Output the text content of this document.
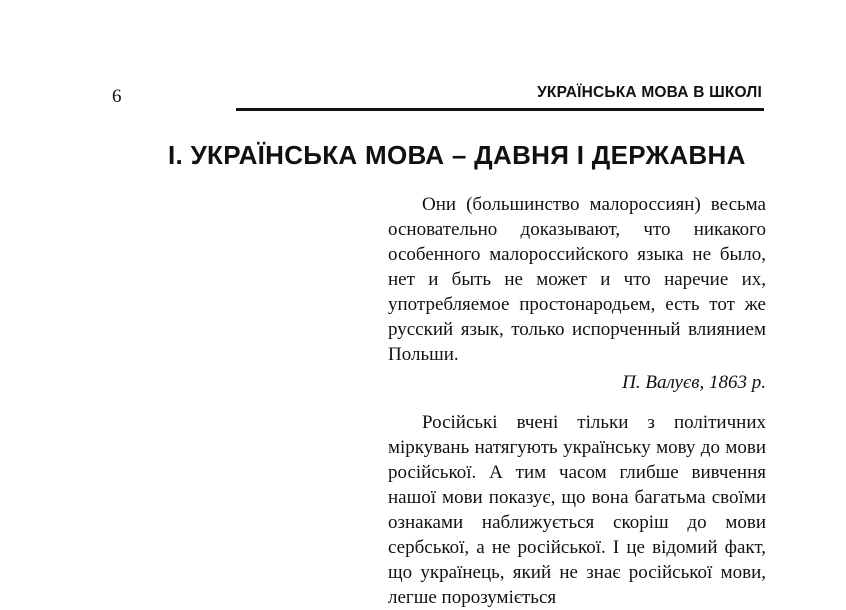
6	УКРАЇНСЬКА МОВА В ШКОЛІ
І. УКРАЇНСЬКА МОВА – ДАВНЯ І ДЕРЖАВНА

Они (большинство малороссиян) весьма основательно доказывают, что никакого особенного малороссийского языка не было, нет и быть не может и что наречие их, употребляемое простонародьем, есть тот же русский язык, только испорченный влиянием Польши.

П. Валуєв, 1863 р.

Російські вчені тільки з політичних міркувань натягують українську мову до мови російської. А тим часом глибше вивчення нашої мови показує, що вона багатьма своїми ознаками наближується скоріш до мови сербської, а не російської. І це відомий факт, що українець, який не знає російської мови, легше порозуміється
